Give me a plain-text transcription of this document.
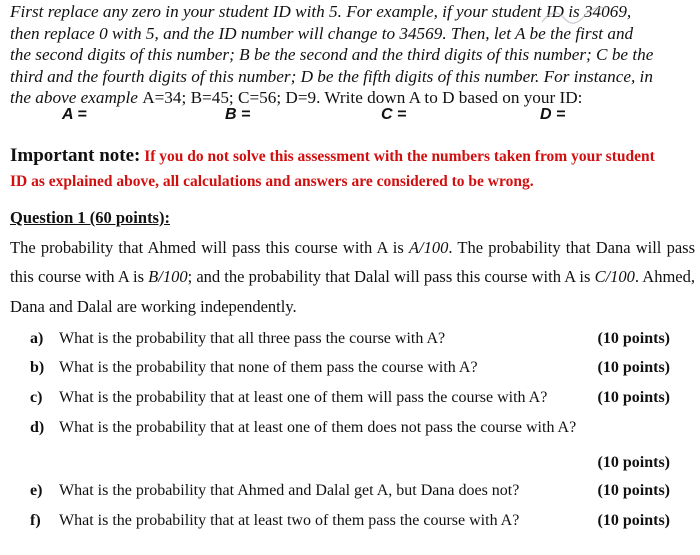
First replace any zero in your student ID with 5. For example, if your student ID is 34069,
then replace 0 with 5, and the ID number will change to 34569. Then, let A be the first and
the second digits of this number; B be the second and the third digits of this number; C be the
third and the fourth digits of this number; D be the fifth digits of this number. For instance, in
the above example A=34; B=45; C=56; D=9. Write down A to D based on your ID:
A =	B =	C =	D =
Important note: If you do not solve this assessment with the numbers taken from your student
ID as explained above, all calculations and answers are considered to be wrong.
Question 1 (60 points):
The probability that Ahmed will pass this course with A is A/100. The probability that Dana will pass this course with A is B/100; and the probability that Dalal will pass this course with A is C/100. Ahmed, Dana and Dalal are working independently.
a) What is the probability that all three pass the course with A?	(10 points)
b) What is the probability that none of them pass the course with A?	(10 points)
c) What is the probability that at least one of them will pass the course with A?	(10 points)
d) What is the probability that at least one of them does not pass the course with A?
(10 points)
e) What is the probability that Ahmed and Dalal get A, but Dana does not?	(10 points)
f) What is the probability that at least two of them pass the course with A?	(10 points)
